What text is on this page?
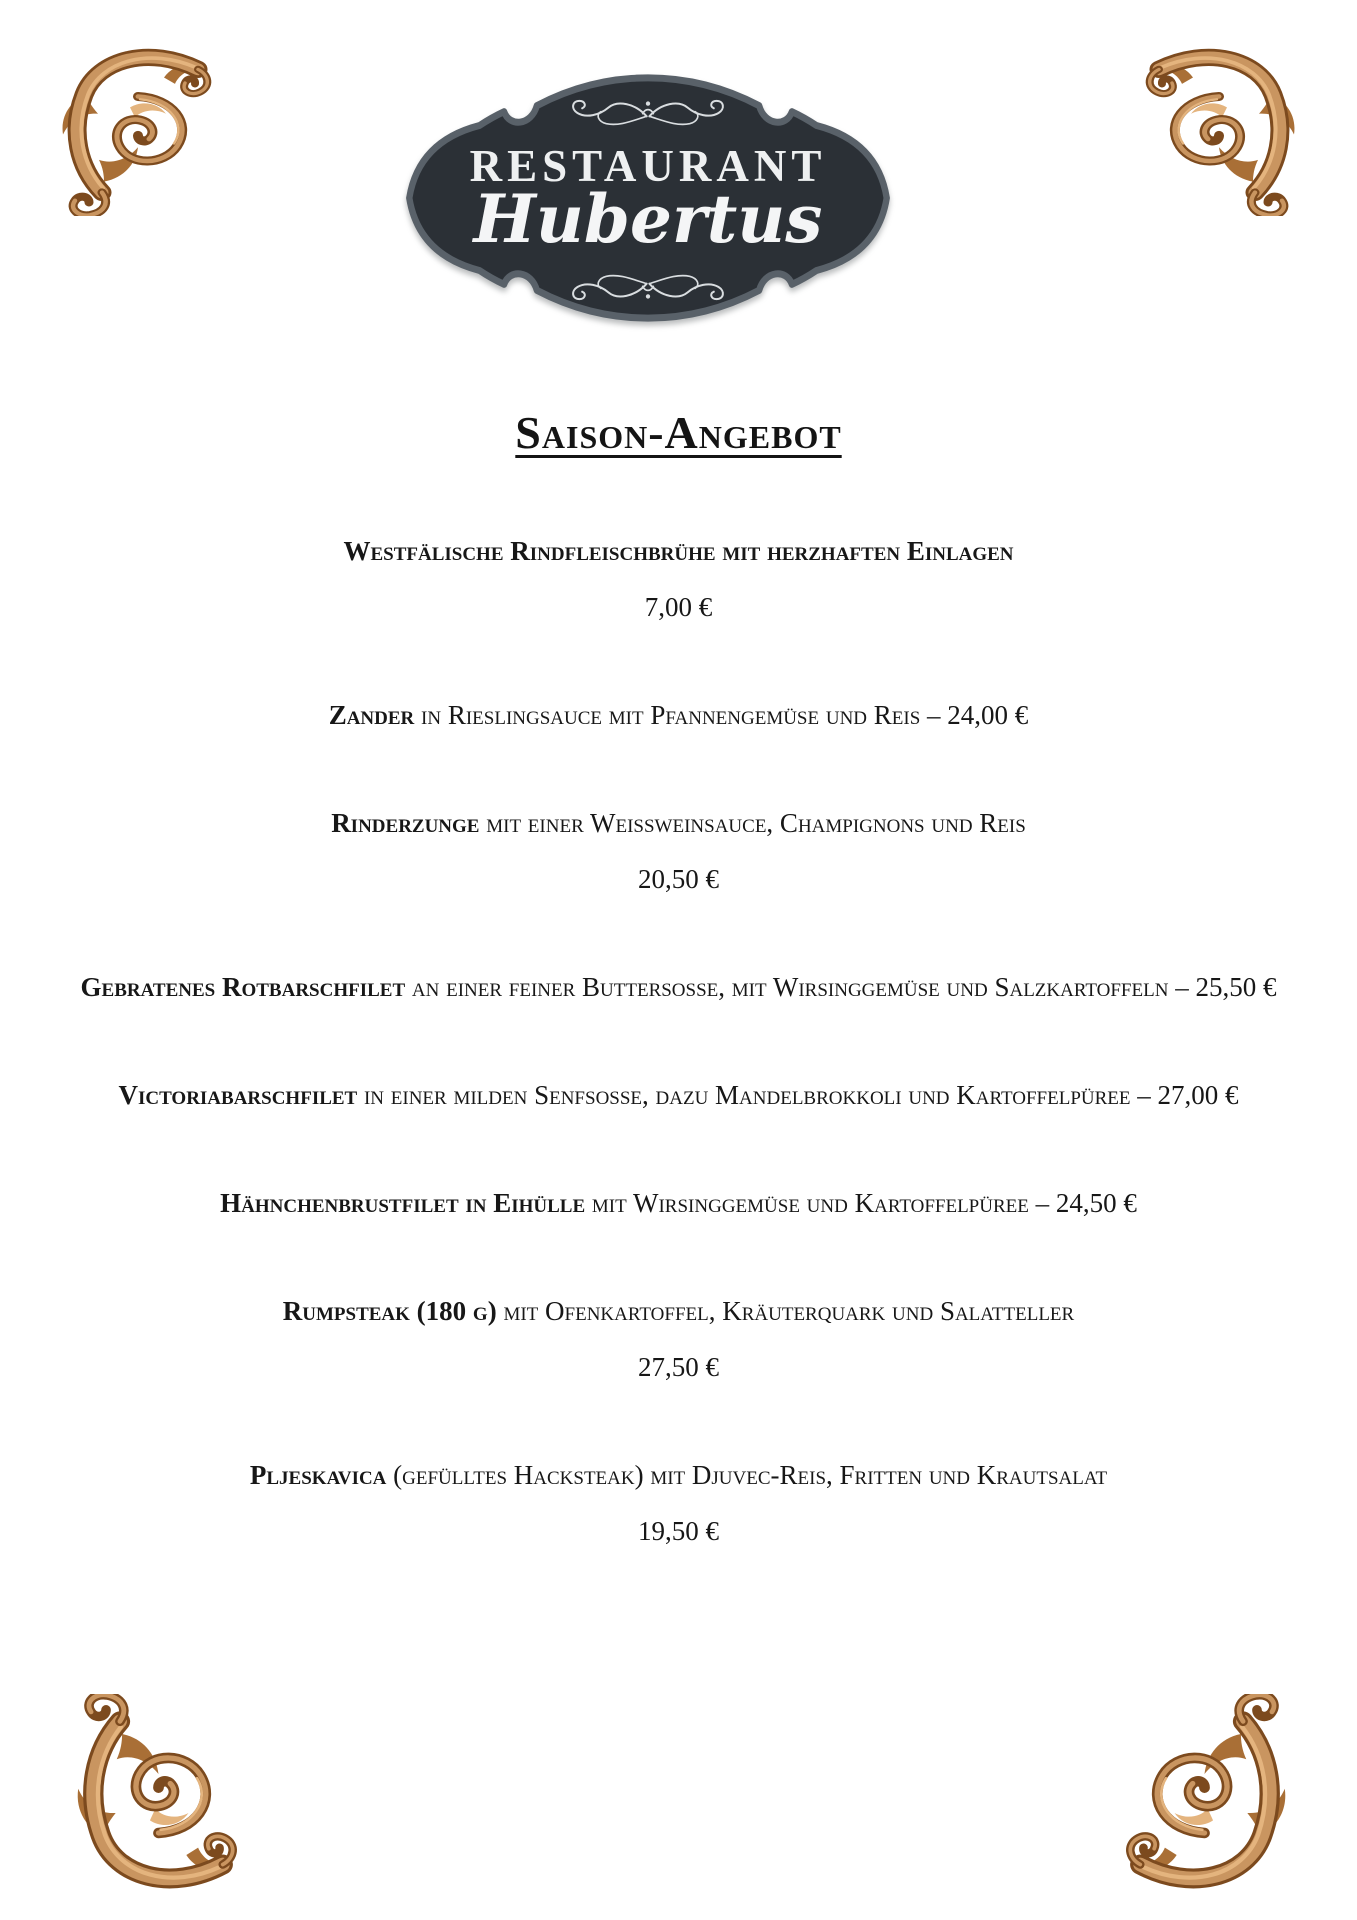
RESTAURANT
Hubertus
Saison-Angebot
Westfälische Rindfleischbrühe mit herzhaften Einlagen
7,00 €
Zander in Rieslingsauce mit Pfannengemüse und Reis – 24,00 €
Rinderzunge mit einer Weißweinsauce, Champignons und Reis
20,50 €
Gebratenes Rotbarschfilet an einer feiner Buttersoße, mit Wirsinggemüse und Salzkartoffeln – 25,50 €
Victoriabarschfilet in einer milden Senfsoße, dazu Mandelbrokkoli und Kartoffelpüree – 27,00 €
Hähnchenbrustfilet in Eihülle mit Wirsinggemüse und Kartoffelpüree – 24,50 €
Rumpsteak (180 g) mit Ofenkartoffel, Kräuterquark und Salatteller
27,50 €
Pljeskavica (gefülltes Hacksteak) mit Djuvec-Reis, Fritten und Krautsalat
19,50 €
